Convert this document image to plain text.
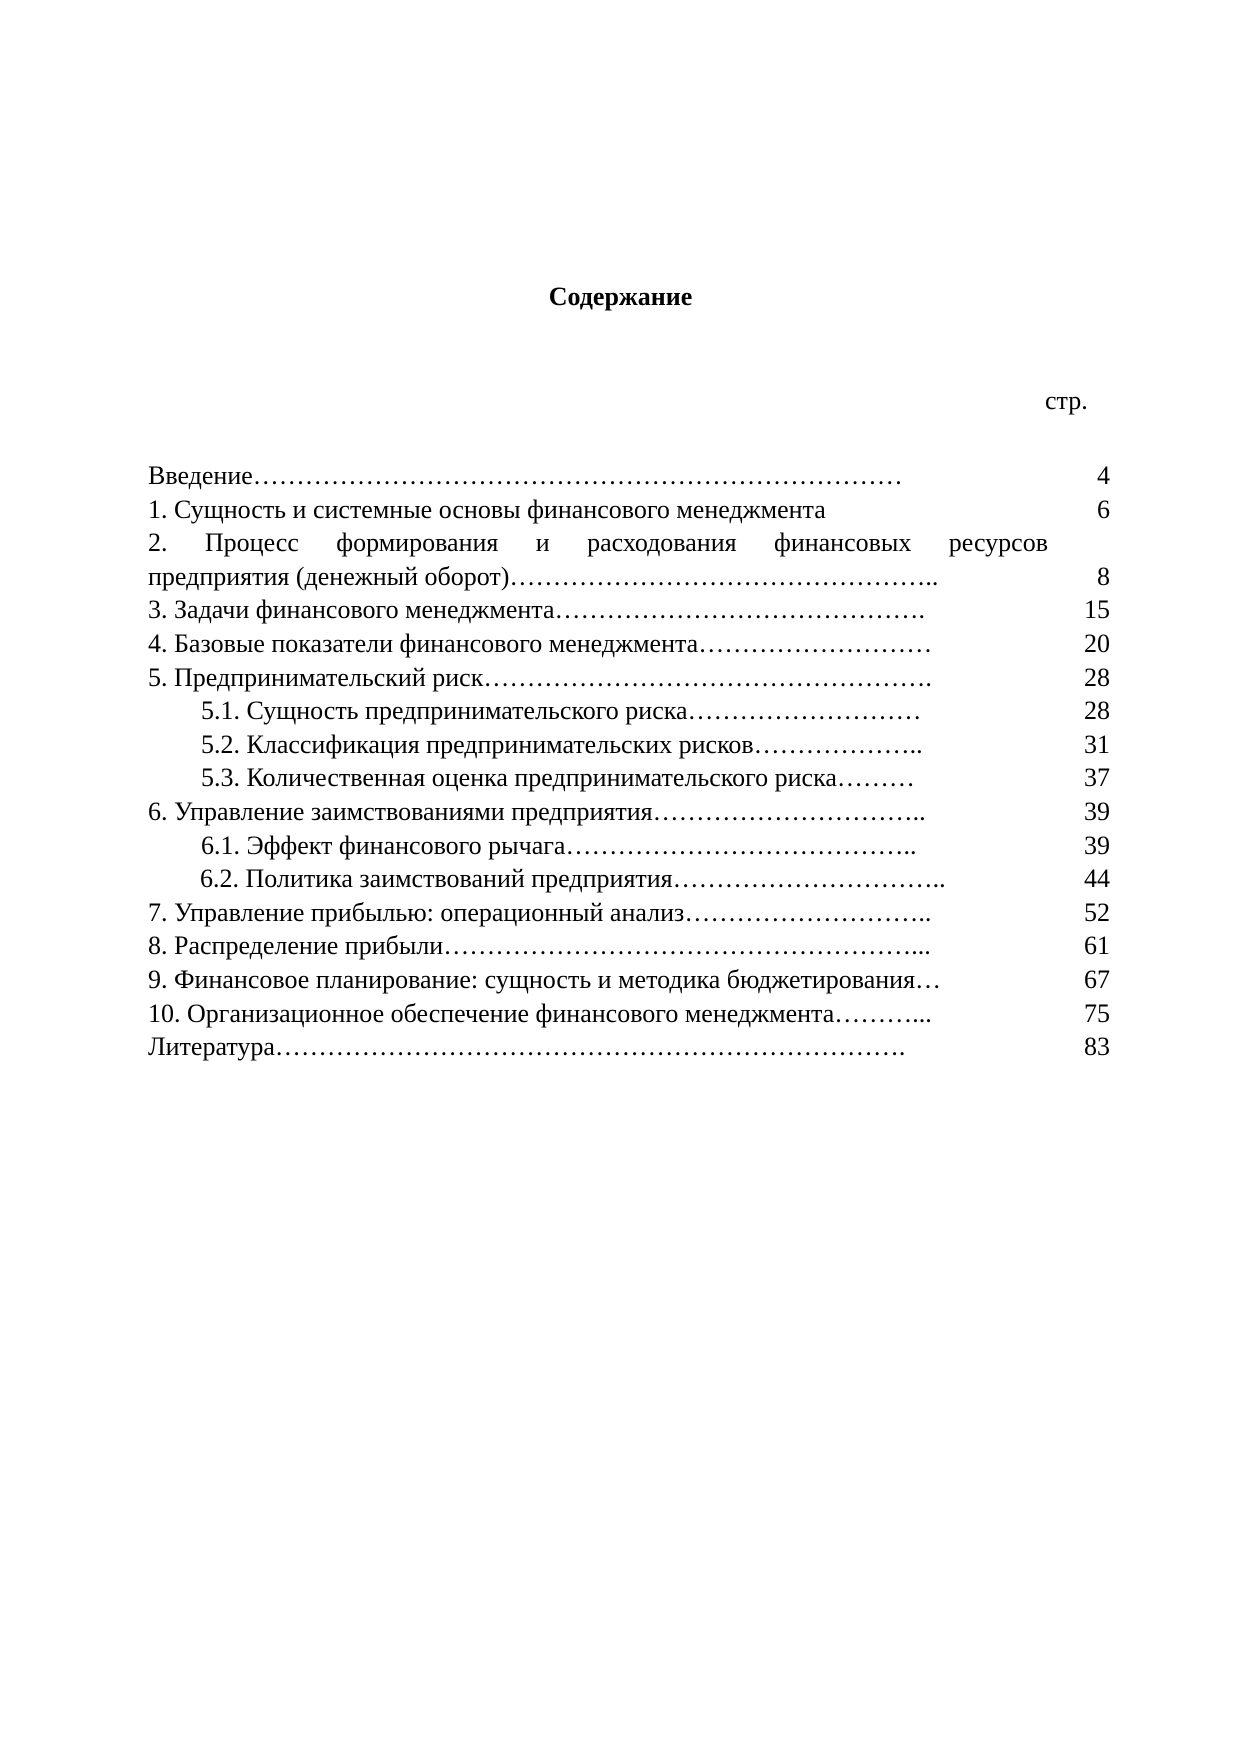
Содержание
стр.
Введение…………………………………………………………………	4
1. Сущность и системные основы финансового менеджмента	6
2. Процесс формирования и расходования финансовых ресурсов
предприятия (денежный оборот)…………………………………………..	8
3. Задачи финансового менеджмента…………………………………….	15
4. Базовые показатели финансового менеджмента………………………	20
5. Предпринимательский риск…………………………………………….	28
5.1. Сущность предпринимательского риска………………………	28
5.2. Классификация предпринимательских рисков………………..	31
5.3. Количественная оценка предпринимательского риска………	37
6. Управление заимствованиями предприятия…………………………..	39
6.1. Эффект финансового рычага…………………………………..	39
6.2. Политика заимствований предприятия…………………………..	44
7. Управление прибылью: операционный анализ………………………..	52
8. Распределение прибыли………………………………………………...	61
9. Финансовое планирование: сущность и методика бюджетирования…	67
10. Организационное обеспечение финансового менеджмента………...	75
Литература……………………………………………………………….	83
